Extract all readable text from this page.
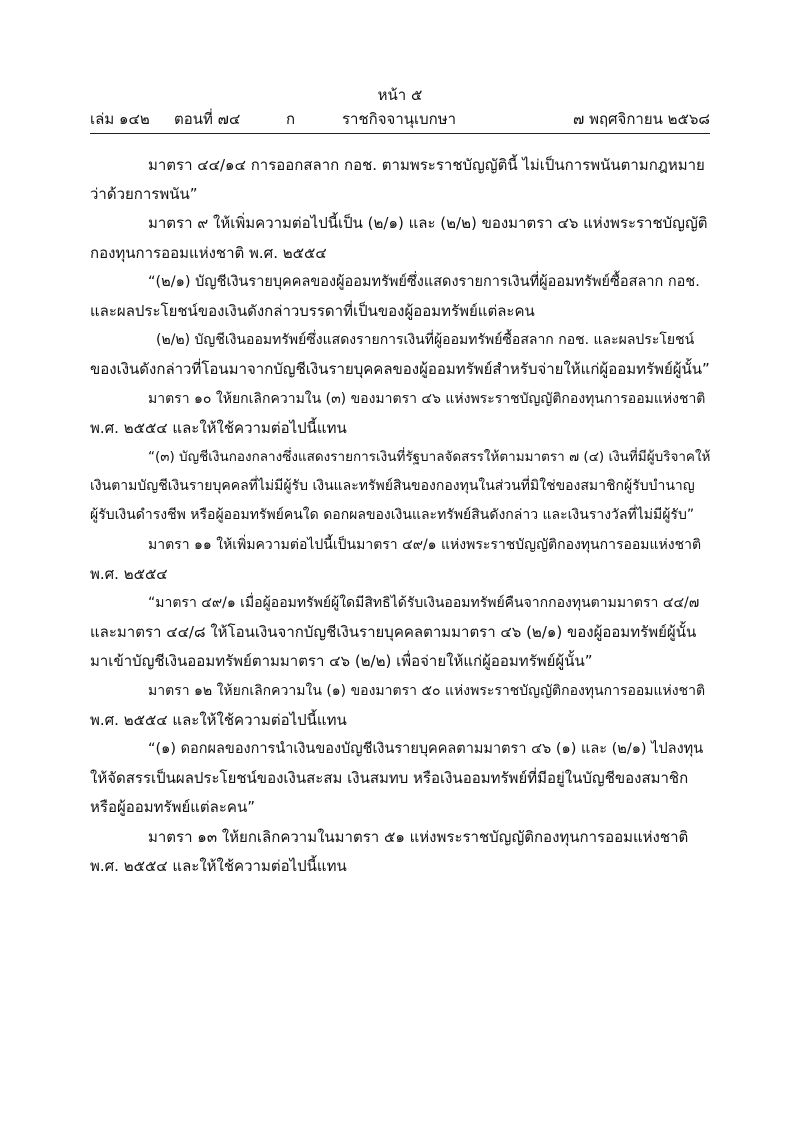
หน้า ๕
เล่ม ๑๔๒ ตอนที่ ๗๔	ก	ราชกิจจานุเบกษา	๗ พฤศจิกายน ๒๕๖๘

มาตรา ๔๔/๑๔ การออกสลาก กอช. ตามพระราชบัญญัตินี้ ไม่เป็นการพนันตามกฎหมาย

ว่าด้วยการพนัน”

มาตรา ๙ ให้เพิ่มความต่อไปนี้เป็น (๒/๑) และ (๒/๒) ของมาตรา ๔๖ แห่งพระราชบัญญัติ

กองทุนการออมแห่งชาติ พ.ศ. ๒๕๕๔

“(๒/๑) บัญชีเงินรายบุคคลของผู้ออมทรัพย์ซึ่งแสดงรายการเงินที่ผู้ออมทรัพย์ซื้อสลาก กอช.

และผลประโยชน์ของเงินดังกล่าวบรรดาที่เป็นของผู้ออมทรัพย์แต่ละคน

(๒/๒) บัญชีเงินออมทรัพย์ซึ่งแสดงรายการเงินที่ผู้ออมทรัพย์ซื้อสลาก กอช. และผลประโยชน์

ของเงินดังกล่าวที่โอนมาจากบัญชีเงินรายบุคคลของผู้ออมทรัพย์สำหรับจ่ายให้แก่ผู้ออมทรัพย์ผู้นั้น”

มาตรา ๑๐ ให้ยกเลิกความใน (๓) ของมาตรา ๔๖ แห่งพระราชบัญญัติกองทุนการออมแห่งชาติ

พ.ศ. ๒๕๕๔ และให้ใช้ความต่อไปนี้แทน

“(๓) บัญชีเงินกองกลางซึ่งแสดงรายการเงินที่รัฐบาลจัดสรรให้ตามมาตรา ๗ (๔) เงินที่มีผู้บริจาคให้

เงินตามบัญชีเงินรายบุคคลที่ไม่มีผู้รับ เงินและทรัพย์สินของกองทุนในส่วนที่มิใช่ของสมาชิกผู้รับบำนาญ

ผู้รับเงินดำรงชีพ หรือผู้ออมทรัพย์คนใด ดอกผลของเงินและทรัพย์สินดังกล่าว และเงินรางวัลที่ไม่มีผู้รับ”

มาตรา ๑๑ ให้เพิ่มความต่อไปนี้เป็นมาตรา ๔๙/๑ แห่งพระราชบัญญัติกองทุนการออมแห่งชาติ

พ.ศ. ๒๕๕๔

“มาตรา ๔๙/๑ เมื่อผู้ออมทรัพย์ผู้ใดมีสิทธิได้รับเงินออมทรัพย์คืนจากกองทุนตามมาตรา ๔๔/๗

และมาตรา ๔๔/๘ ให้โอนเงินจากบัญชีเงินรายบุคคลตามมาตรา ๔๖ (๒/๑) ของผู้ออมทรัพย์ผู้นั้น

มาเข้าบัญชีเงินออมทรัพย์ตามมาตรา ๔๖ (๒/๒) เพื่อจ่ายให้แก่ผู้ออมทรัพย์ผู้นั้น”

มาตรา ๑๒ ให้ยกเลิกความใน (๑) ของมาตรา ๕๐ แห่งพระราชบัญญัติกองทุนการออมแห่งชาติ

พ.ศ. ๒๕๕๔ และให้ใช้ความต่อไปนี้แทน

“(๑) ดอกผลของการนำเงินของบัญชีเงินรายบุคคลตามมาตรา ๔๖ (๑) และ (๒/๑) ไปลงทุน

ให้จัดสรรเป็นผลประโยชน์ของเงินสะสม เงินสมทบ หรือเงินออมทรัพย์ที่มีอยู่ในบัญชีของสมาชิก

หรือผู้ออมทรัพย์แต่ละคน”

มาตรา ๑๓ ให้ยกเลิกความในมาตรา ๕๑ แห่งพระราชบัญญัติกองทุนการออมแห่งชาติ

พ.ศ. ๒๕๕๔ และให้ใช้ความต่อไปนี้แทน
